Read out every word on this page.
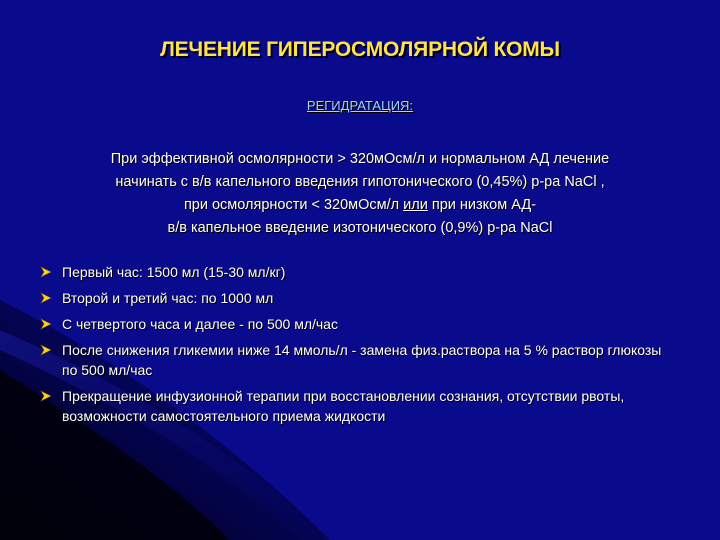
ЛЕЧЕНИЕ ГИПЕРОСМОЛЯРНОЙ КОМЫ
РЕГИДРАТАЦИЯ:
При эффективной осмолярности > 320мОсм/л и нормальном АД лечение
начинать с в/в капельного введения гипотонического (0,45%) р-ра NaCl ,
при осмолярности < 320мОсм/л или при низком АД-
в/в капельное введение изотонического (0,9%) р-ра NaCl
Первый час: 1500 мл (15-30 мл/кг)
Второй и третий час: по 1000 мл
С четвертого часа и далее - по 500 мл/час
После снижения гликемии ниже 14 ммоль/л - замена физ.раствора на 5 % раствор глюкозы по 500 мл/час
Прекращение инфузионной терапии при восстановлении сознания, отсутствии рвоты, возможности самостоятельного приема жидкости
